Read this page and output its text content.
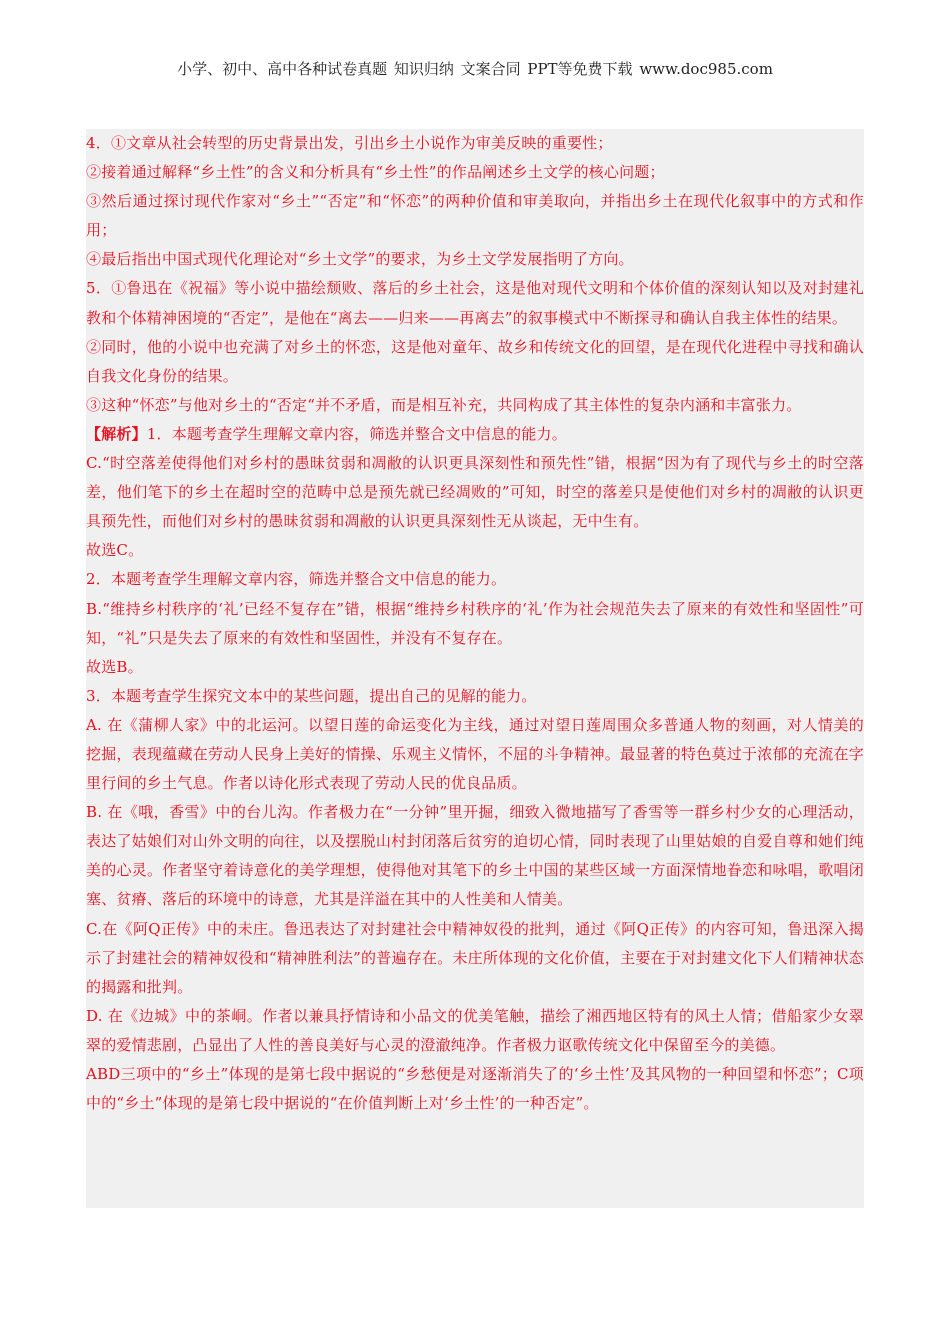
小学、初中、高中各种试卷真题 知识归纳 文案合同 PPT等免费下载 www.doc985.com

4．①文章从社会转型的历史背景出发，引出乡土小说作为审美反映的重要性；

②接着通过解释“乡土性”的含义和分析具有“乡土性”的作品阐述乡土文学的核心问题；

③然后通过探讨现代作家对“乡土”“否定”和“怀恋”的两种价值和审美取向，并指出乡土在现代化叙事中的方式和作用；

④最后指出中国式现代化理论对“乡土文学”的要求，为乡土文学发展指明了方向。

5．①鲁迅在《祝福》等小说中描绘颓败、落后的乡土社会，这是他对现代文明和个体价值的深刻认知以及对封建礼教和个体精神困境的“否定”，是他在“离去——归来——再离去”的叙事模式中不断探寻和确认自我主体性的结果。

②同时，他的小说中也充满了对乡土的怀恋，这是他对童年、故乡和传统文化的回望，是在现代化进程中寻找和确认自我文化身份的结果。

③这种“怀恋”与他对乡土的“否定“并不矛盾，而是相互补充，共同构成了其主体性的复杂内涵和丰富张力。

【解析】1．本题考查学生理解文章内容，筛选并整合文中信息的能力。

C.“时空落差使得他们对乡村的愚昧贫弱和凋敝的认识更具深刻性和预先性”错，根据“因为有了现代与乡土的时空落差，他们笔下的乡土在超时空的范畴中总是预先就已经凋败的”可知，时空的落差只是使他们对乡村的凋敝的认识更具预先性，而他们对乡村的愚昧贫弱和凋敝的认识更具深刻性无从谈起，无中生有。

故选C。

2．本题考查学生理解文章内容，筛选并整合文中信息的能力。

B.“维持乡村秩序的‘礼’已经不复存在”错，根据“维持乡村秩序的‘礼’作为社会规范失去了原来的有效性和坚固性”可知，“礼”只是失去了原来的有效性和坚固性，并没有不复存在。

故选B。

3．本题考查学生探究文本中的某些问题，提出自己的见解的能力。

A. 在《蒲柳人家》中的北运河。以望日莲的命运变化为主线，通过对望日莲周围众多普通人物的刻画，对人情美的挖掘，表现蕴藏在劳动人民身上美好的情操、乐观主义情怀，不屈的斗争精神。最显著的特色莫过于浓郁的充流在字里行间的乡土气息。作者以诗化形式表现了劳动人民的优良品质。

B. 在《哦，香雪》中的台儿沟。作者极力在“一分钟”里开掘，细致入微地描写了香雪等一群乡村少女的心理活动，表达了姑娘们对山外文明的向往，以及摆脱山村封闭落后贫穷的迫切心情，同时表现了山里姑娘的自爱自尊和她们纯美的心灵。作者坚守着诗意化的美学理想，使得他对其笔下的乡土中国的某些区域一方面深情地眷恋和咏唱，歌唱闭塞、贫瘠、落后的环境中的诗意，尤其是洋溢在其中的人性美和人情美。

C.在《阿Q正传》中的未庄。鲁迅表达了对封建社会中精神奴役的批判，通过《阿Q正传》的内容可知，鲁迅深入揭示了封建社会的精神奴役和“精神胜利法”的普遍存在。未庄所体现的文化价值，主要在于对封建文化下人们精神状态的揭露和批判。

D. 在《边城》中的茶峒。作者以兼具抒情诗和小品文的优美笔触，描绘了湘西地区特有的风土人情；借船家少女翠翠的爱情悲剧，凸显出了人性的善良美好与心灵的澄澈纯净。作者极力讴歌传统文化中保留至今的美德。

ABD三项中的“乡土”体现的是第七段中据说的“乡愁便是对逐渐消失了的‘乡土性’及其风物的一种回望和怀恋”；C项中的“乡土”体现的是第七段中据说的“在价值判断上对‘乡土性’的一种否定”。
